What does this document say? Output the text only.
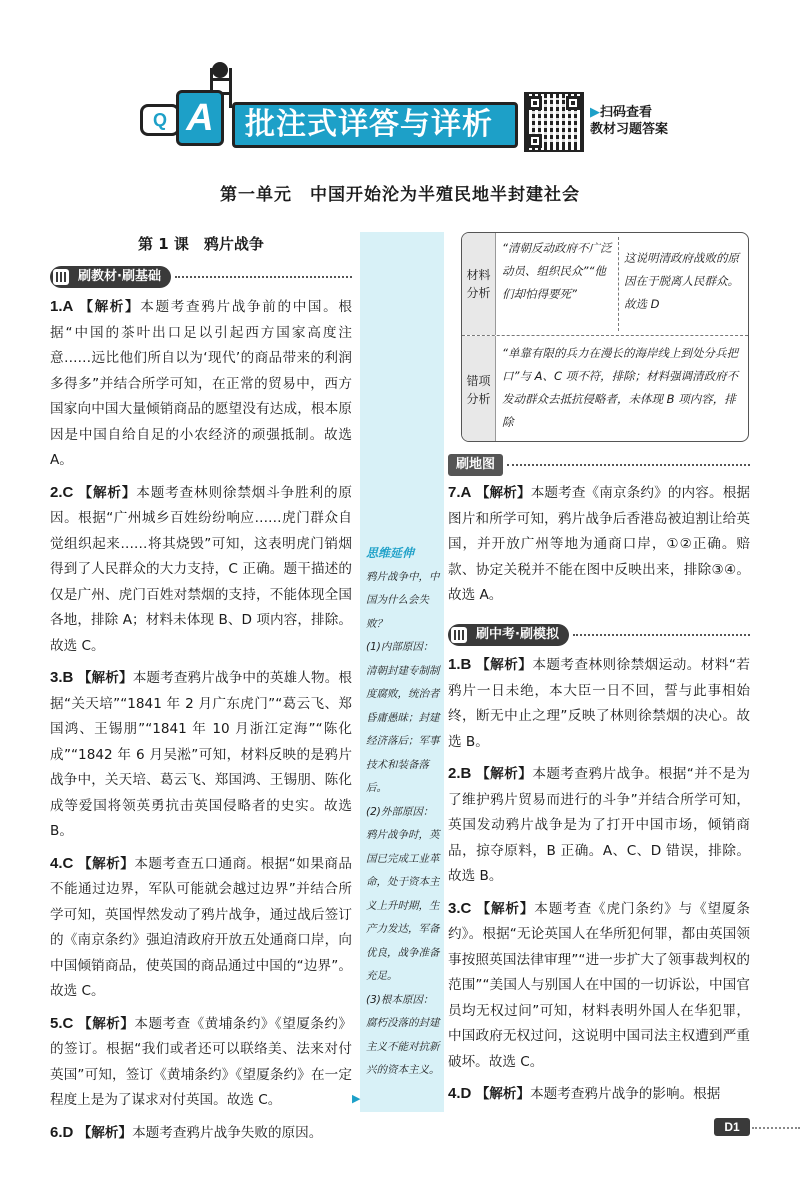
Q A	批注式详答与详析	▶扫码查看
教材习题答案
第一单元　中国开始沦为半殖民地半封建社会
第 1 课　鸦片战争
刷教材·刷基础
1.A 【解析】本题考查鸦片战争前的中国。根据“中国的茶叶出口足以引起西方国家高度注意……远比他们所自以为‘现代’的商品带来的利润多得多”并结合所学可知，在正常的贸易中，西方国家向中国大量倾销商品的愿望没有达成，根本原因是中国自给自足的小农经济的顽强抵制。故选 A。
2.C 【解析】本题考查林则徐禁烟斗争胜利的原因。根据“广州城乡百姓纷纷响应……虎门群众自觉组织起来……将其烧毁”可知，这表明虎门销烟得到了人民群众的大力支持，C 正确。题干描述的仅是广州、虎门百姓对禁烟的支持，不能体现全国各地，排除 A；材料未体现 B、D 项内容，排除。故选 C。
3.B 【解析】本题考查鸦片战争中的英雄人物。根据“关天培”“1841 年 2 月广东虎门”“葛云飞、郑国鸿、王锡朋”“1841 年 10 月浙江定海”“陈化成”“1842 年 6 月吴淞”可知，材料反映的是鸦片战争中，关天培、葛云飞、郑国鸿、王锡朋、陈化成等爱国将领英勇抗击英国侵略者的史实。故选 B。
4.C 【解析】本题考查五口通商。根据“如果商品不能通过边界，军队可能就会越过边界”并结合所学可知，英国悍然发动了鸦片战争，通过战后签订的《南京条约》强迫清政府开放五处通商口岸，向中国倾销商品，使英国的商品通过中国的“边界”。故选 C。
5.C 【解析】本题考查《黄埔条约》《望厦条约》的签订。根据“我们或者还可以联络美、法来对付英国”可知，签订《黄埔条约》《望厦条约》在一定程度上是为了谋求对付英国。故选 C。
6.D 【解析】本题考查鸦片战争失败的原因。
思维延伸
鸦片战争中，中国为什么会失败？
(1)内部原因：清朝封建专制制度腐败，统治者昏庸愚昧；封建经济落后；军事技术和装备落后。
(2)外部原因：鸦片战争时，英国已完成工业革命，处于资本主义上升时期，生产力发达，军备优良，战争准备充足。
(3)根本原因：腐朽没落的封建主义不能对抗新兴的资本主义。
▶
材料分析
“清朝反动政府不广泛动员、组织民众”“他们却怕得要死”
这说明清政府战败的原因在于脱离人民群众。故选 D
错项分析
“单靠有限的兵力在漫长的海岸线上到处分兵把口”与 A、C 项不符，排除；材料强调清政府不发动群众去抵抗侵略者，未体现 B 项内容，排除
刷地图
7.A 【解析】本题考查《南京条约》的内容。根据图片和所学可知，鸦片战争后香港岛被迫割让给英国，并开放广州等地为通商口岸，①②正确。赔款、协定关税并不能在图中反映出来，排除③④。故选 A。
刷中考·刷模拟
1.B 【解析】本题考查林则徐禁烟运动。材料“若鸦片一日未绝，本大臣一日不回，誓与此事相始终，断无中止之理”反映了林则徐禁烟的决心。故选 B。
2.B 【解析】本题考查鸦片战争。根据“并不是为了维护鸦片贸易而进行的斗争”并结合所学可知，英国发动鸦片战争是为了打开中国市场，倾销商品，掠夺原料，B 正确。A、C、D 错误，排除。故选 B。
3.C 【解析】本题考查《虎门条约》与《望厦条约》。根据“无论英国人在华所犯何罪，都由英国领事按照英国法律审理”“进一步扩大了领事裁判权的范围”“美国人与别国人在中国的一切诉讼，中国官员均无权过问”可知，材料表明外国人在华犯罪，中国政府无权过问，这说明中国司法主权遭到严重破坏。故选 C。
4.D 【解析】本题考查鸦片战争的影响。根据
D1
